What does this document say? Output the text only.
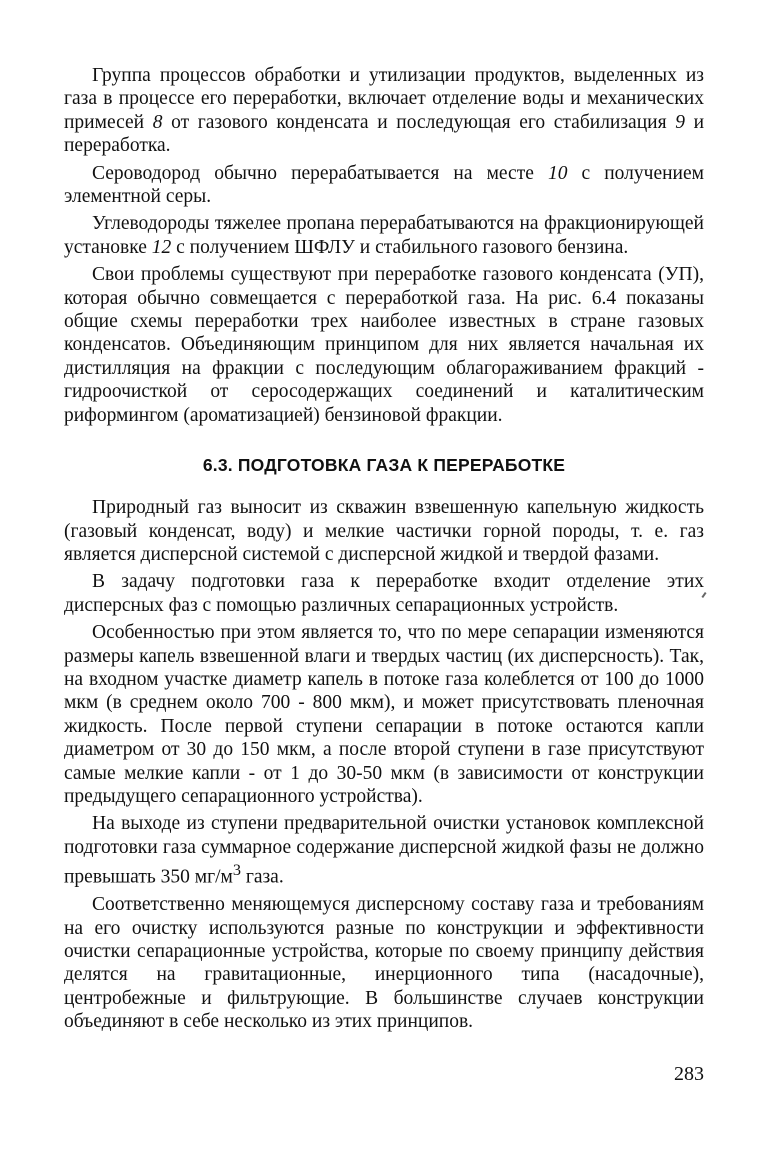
Группа процессов обработки и утилизации продуктов, выделенных из газа в процессе его переработки, включает отделение воды и механических примесей 8 от газового конденсата и последующая его стабилизация 9 и переработка.

Сероводород обычно перерабатывается на месте 10 с получением элементной серы.

Углеводороды тяжелее пропана перерабатываются на фракционирующей установке 12 с получением ШФЛУ и стабильного газового бензина.

Свои проблемы существуют при переработке газового конденсата (УП), которая обычно совмещается с переработкой газа. На рис. 6.4 показаны общие схемы переработки трех наиболее известных в стране газовых конденсатов. Объединяющим принципом для них является начальная их дистилляция на фракции с последующим облагораживанием фракций - гидроочисткой от серосодержащих соединений и каталитическим риформингом (ароматизацией) бензиновой фракции.

6.3. ПОДГОТОВКА ГАЗА К ПЕРЕРАБОТКЕ

Природный газ выносит из скважин взвешенную капельную жидкость (газовый конденсат, воду) и мелкие частички горной породы, т. е. газ является дисперсной системой с дисперсной жидкой и твердой фазами.

В задачу подготовки газа к переработке входит отделение этих дисперсных фаз с помощью различных сепарационных устройств.

Особенностью при этом является то, что по мере сепарации изменяются размеры капель взвешенной влаги и твердых частиц (их дисперсность). Так, на входном участке диаметр капель в потоке газа колеблется от 100 до 1000 мкм (в среднем около 700 - 800 мкм), и может присутствовать пленочная жидкость. После первой ступени сепарации в потоке остаются капли диаметром от 30 до 150 мкм, а после второй ступени в газе присутствуют самые мелкие капли - от 1 до 30-50 мкм (в зависимости от конструкции предыдущего сепарационного устройства).

На выходе из ступени предварительной очистки установок комплексной подготовки газа суммарное содержание дисперсной жидкой фазы не должно превышать 350 $мг/м^3$ газа.

Соответственно меняющемуся дисперсному составу газа и требованиям на его очистку используются разные по конструкции и эффективности очистки сепарационные устройства, которые по своему принципу действия делятся на гравитационные, инерционного типа (насадочные), центробежные и фильтрующие. В большинстве случаев конструкции объединяют в себе несколько из этих принципов.

283
